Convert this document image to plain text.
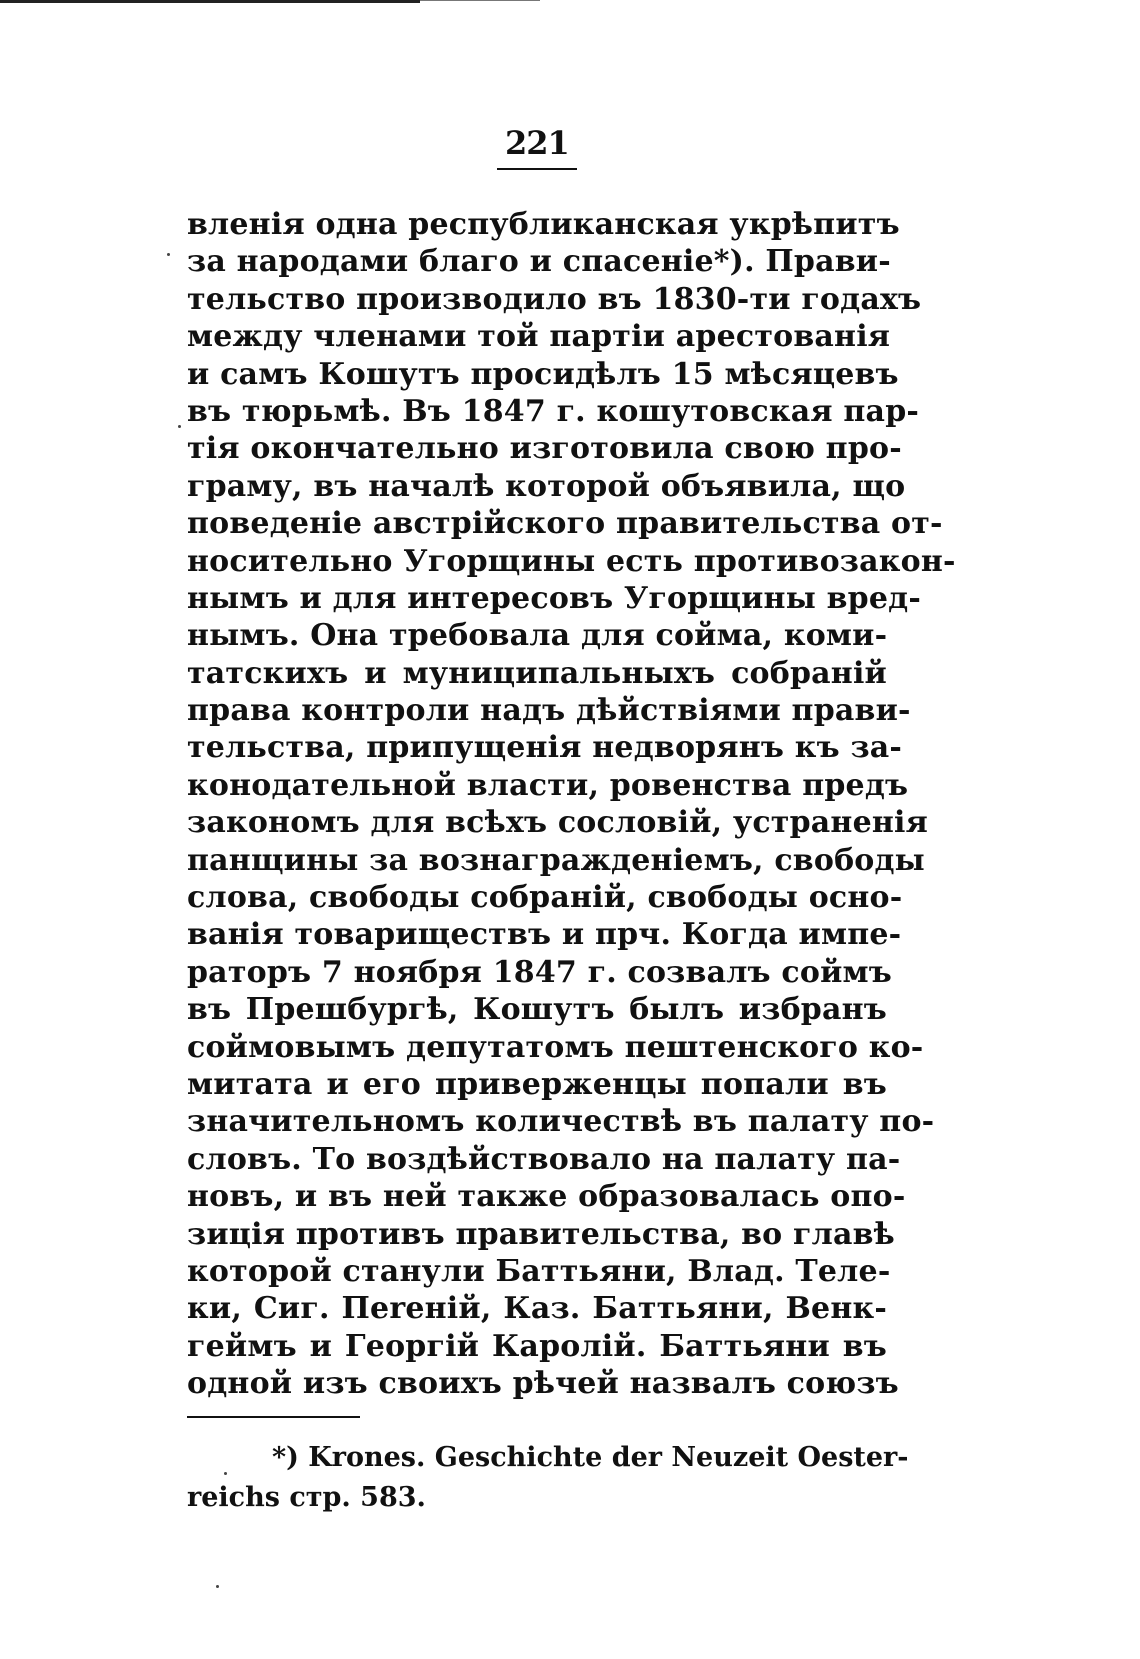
221
вленія одна республиканская укрѣпитъ
за народами благо и спасеніе*). Прави-
тельство производило въ 1830-ти годахъ
между членами той партіи арестованія
и самъ Кошутъ просидѣлъ 15 мѣсяцевъ
въ тюрьмѣ. Въ 1847 г. кошутовская пар-
тія окончательно изготовила свою про-
граму, въ началѣ которой объявила, що
поведеніе австрійского правительства от-
носительно Угорщины есть противозакон-
нымъ и для интересовъ Угорщины вред-
нымъ. Она требовала для сойма, коми-
татскихъ и муниципальныхъ собраній
права контроли надъ дѣйствіями прави-
тельства, припущенія недворянъ къ за-
конодательной власти, ровенства предъ
закономъ для всѣхъ сословій, устраненія
панщины за вознагражденіемъ, свободы
слова, свободы собраній, свободы осно-
ванія товариществъ и прч. Когда импе-
раторъ 7 ноября 1847 г. созвалъ соймъ
въ Прешбургѣ, Кошутъ былъ избранъ
соймовымъ депутатомъ пештенского ко-
митата и его приверженцы попали въ
значительномъ количествѣ въ палату по-
словъ. То воздѣйствовало на палату па-
новъ, и въ ней также образовалась опо-
зиція противъ правительства, во главѣ
которой станули Баттьяни, Влад. Теле-
ки, Сиг. Пereній, Каз. Баттьяни, Венк-
геймъ и Георгій Каролій. Баттьяни въ
одной изъ своихъ рѣчей назвалъ союзъ
*) Krones. Geschichte der Neuzeit Oester-
reichs стр. 583.
